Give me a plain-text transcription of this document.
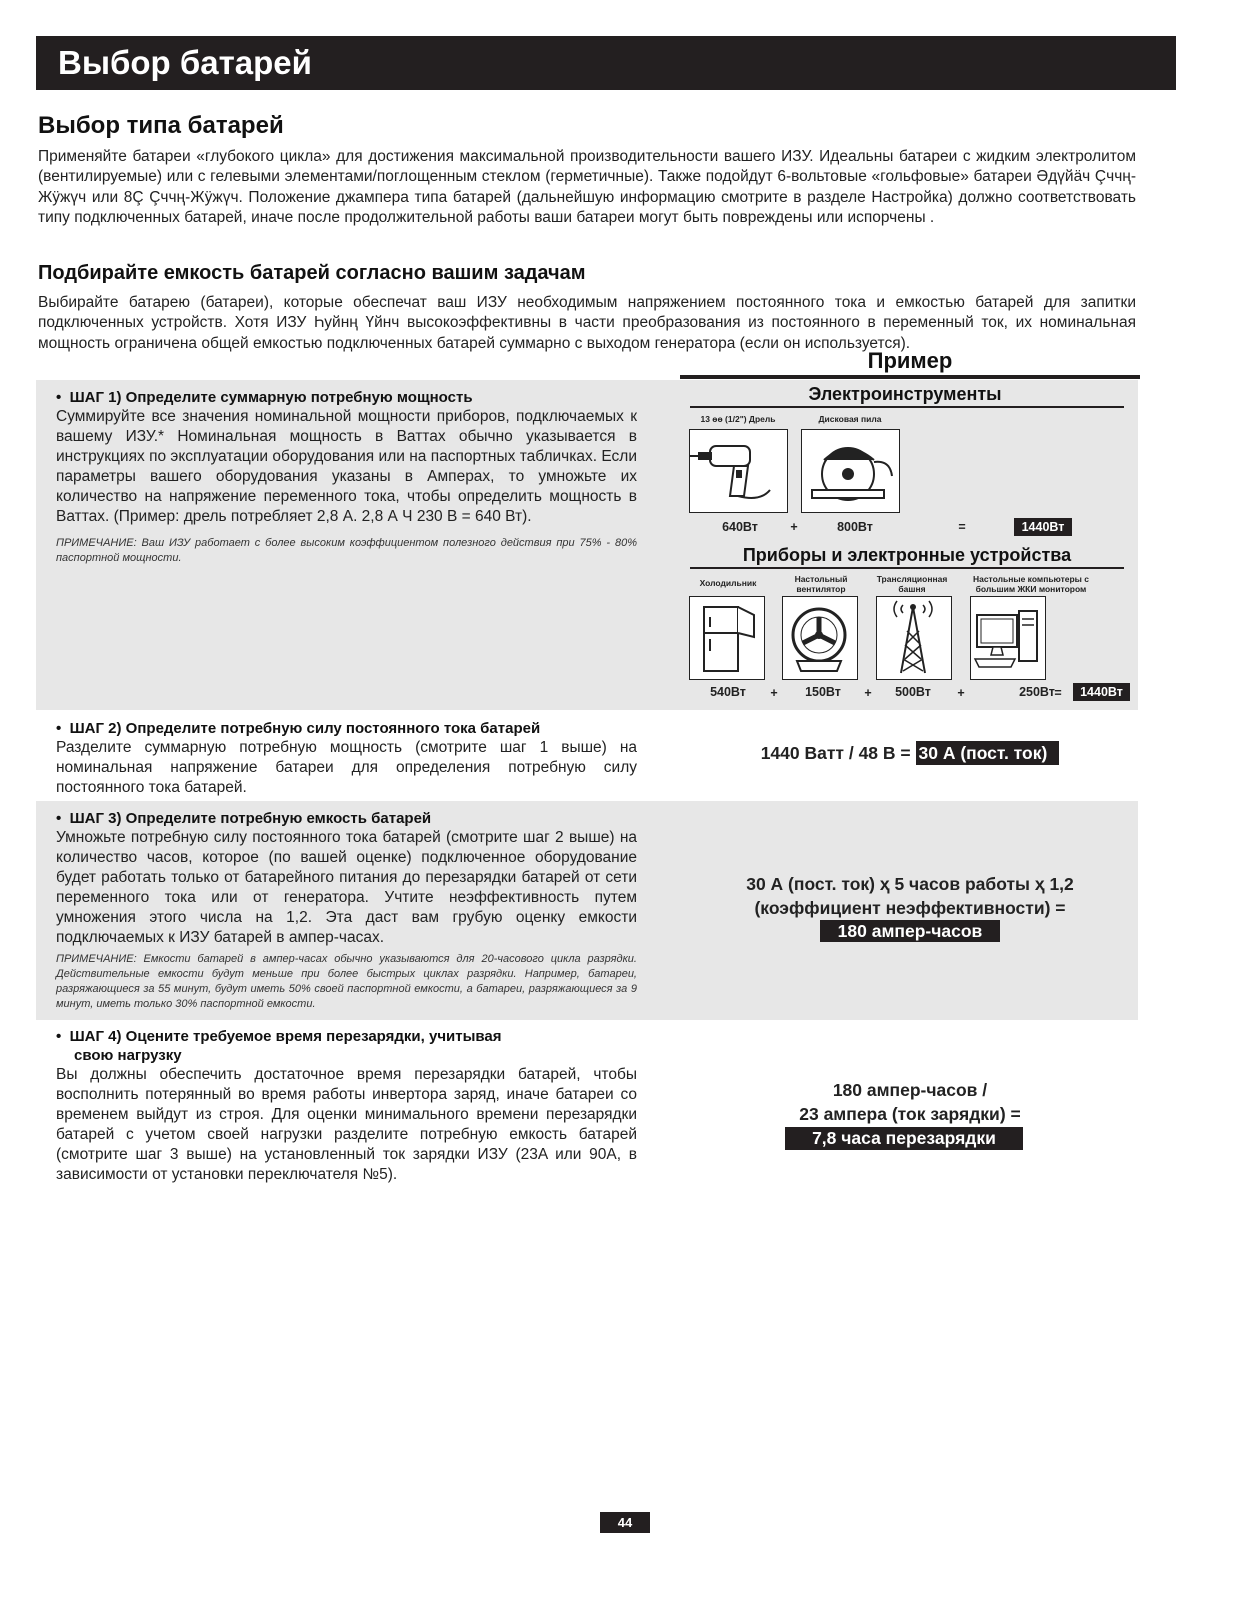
Выбор батарей
Выбор типа батарей
Применяйте батареи «глубокого цикла» для достижения максимальной производительности вашего ИЗУ. Идеальны батареи с жидким электролитом (вентилируемые) или с гелевыми элементами/поглощенным стеклом (герметичные). Также подойдут 6-вольтовые «гольфовые» батареи Әдүйӓч Çччң-Жӱжүч или 8Ç Çччң-Жӱжүч. Положение джампера типа батарей (дальнейшую информацию смотрите в разделе Настройка) должно соответствовать типу подключенных батарей, иначе после продолжительной работы ваши батареи могут быть повреждены или испорчены .
Подбирайте емкость батарей согласно вашим задачам
Выбирайте батарею (батареи), которые обеспечат ваш ИЗУ необходимым напряжением постоянного тока и емкостью батарей для запитки подключенных устройств. Хотя ИЗУ Һуйнң Үйнч высокоэффективны в части преобразования из постоянного в переменный ток, их номинальная мощность ограничена общей емкостью подключенных батарей суммарно с выходом генератора (если он используется).
Пример
•  ШАГ 1) Определите суммарную потребную мощность
Суммируйте все значения номинальной мощности приборов, подключаемых к вашему ИЗУ.* Номинальная мощность в Ваттах обычно указывается в инструкциях по эксплуатации оборудования или на паспортных табличках. Если параметры вашего оборудования указаны в Амперах, то умножьте их количество на напряжение переменного тока, чтобы определить мощность в Ваттах. (Пример: дрель потребляет 2,8 А. 2,8 А Ч 230 В = 640 Вт).
ПРИМЕЧАНИЕ: Ваш ИЗУ работает с более высоким коэффициентом полезного действия при 75% - 80% паспортной мощности.
Электроинструменты
13 өө (1/2") Дрель	Дисковая пила
640Вт	+	800Вт	=	1440Вт
Приборы и электронные устройства
Холодильник	Настольный вентилятор
Трансляционная башня
Настольные компьютеры с большим ЖКИ монитором
540Вт	+	150Вт	+	500Вт	+	250Вт =	1440Вт
•  ШАГ 2) Определите потребную силу постоянного тока батарей
Разделите суммарную потребную мощность (смотрите шаг 1 выше) на номинальная напряжение батареи для определения потребную силу постоянного тока батарей.
1440 Ватт / 48 В = 30 А (пост. ток)
•  ШАГ 3) Определите потребную емкость батарей
Умножьте потребную силу постоянного тока батарей (смотрите шаг 2 выше) на количество часов, которое (по вашей оценке) подключенное оборудование будет работать только от батарейного питания до перезарядки батарей от сети переменного тока или от генератора. Учтите неэффективность путем умножения этого числа на 1,2. Эта даст вам грубую оценку емкости подключаемых к ИЗУ батарей в ампер-часах.
ПРИМЕЧАНИЕ: Емкости батарей в ампер-часах обычно указываются для 20-часового цикла разрядки. Действительные емкости будут меньше при более быстрых циклах разрядки. Например, батареи, разряжающиеся за 55 минут, будут иметь 50% своей паспортной емкости, а батареи, разряжающиеся за 9 минут, иметь только 30% паспортной емкости.
30 А (пост. ток) ҳ 5 часов работы ҳ 1,2
(коэффициент неэффективности) =
180 ампер-часов
•  ШАГ 4) Оцените требуемое время перезарядки, учитывая
свою нагрузку
Вы должны обеспечить достаточное время перезарядки батарей, чтобы восполнить потерянный во время работы инвертора заряд, иначе батареи со временем выйдут из строя. Для оценки минимального времени перезарядки батарей с учетом своей нагрузки разделите потребную емкость батарей (смотрите шаг 3 выше) на установленный ток зарядки ИЗУ (23A или 90A, в зависимости от установки переключателя №5).
180 ампер-часов /
23 ампера (ток зарядки) =
7,8 часа перезарядки
44
